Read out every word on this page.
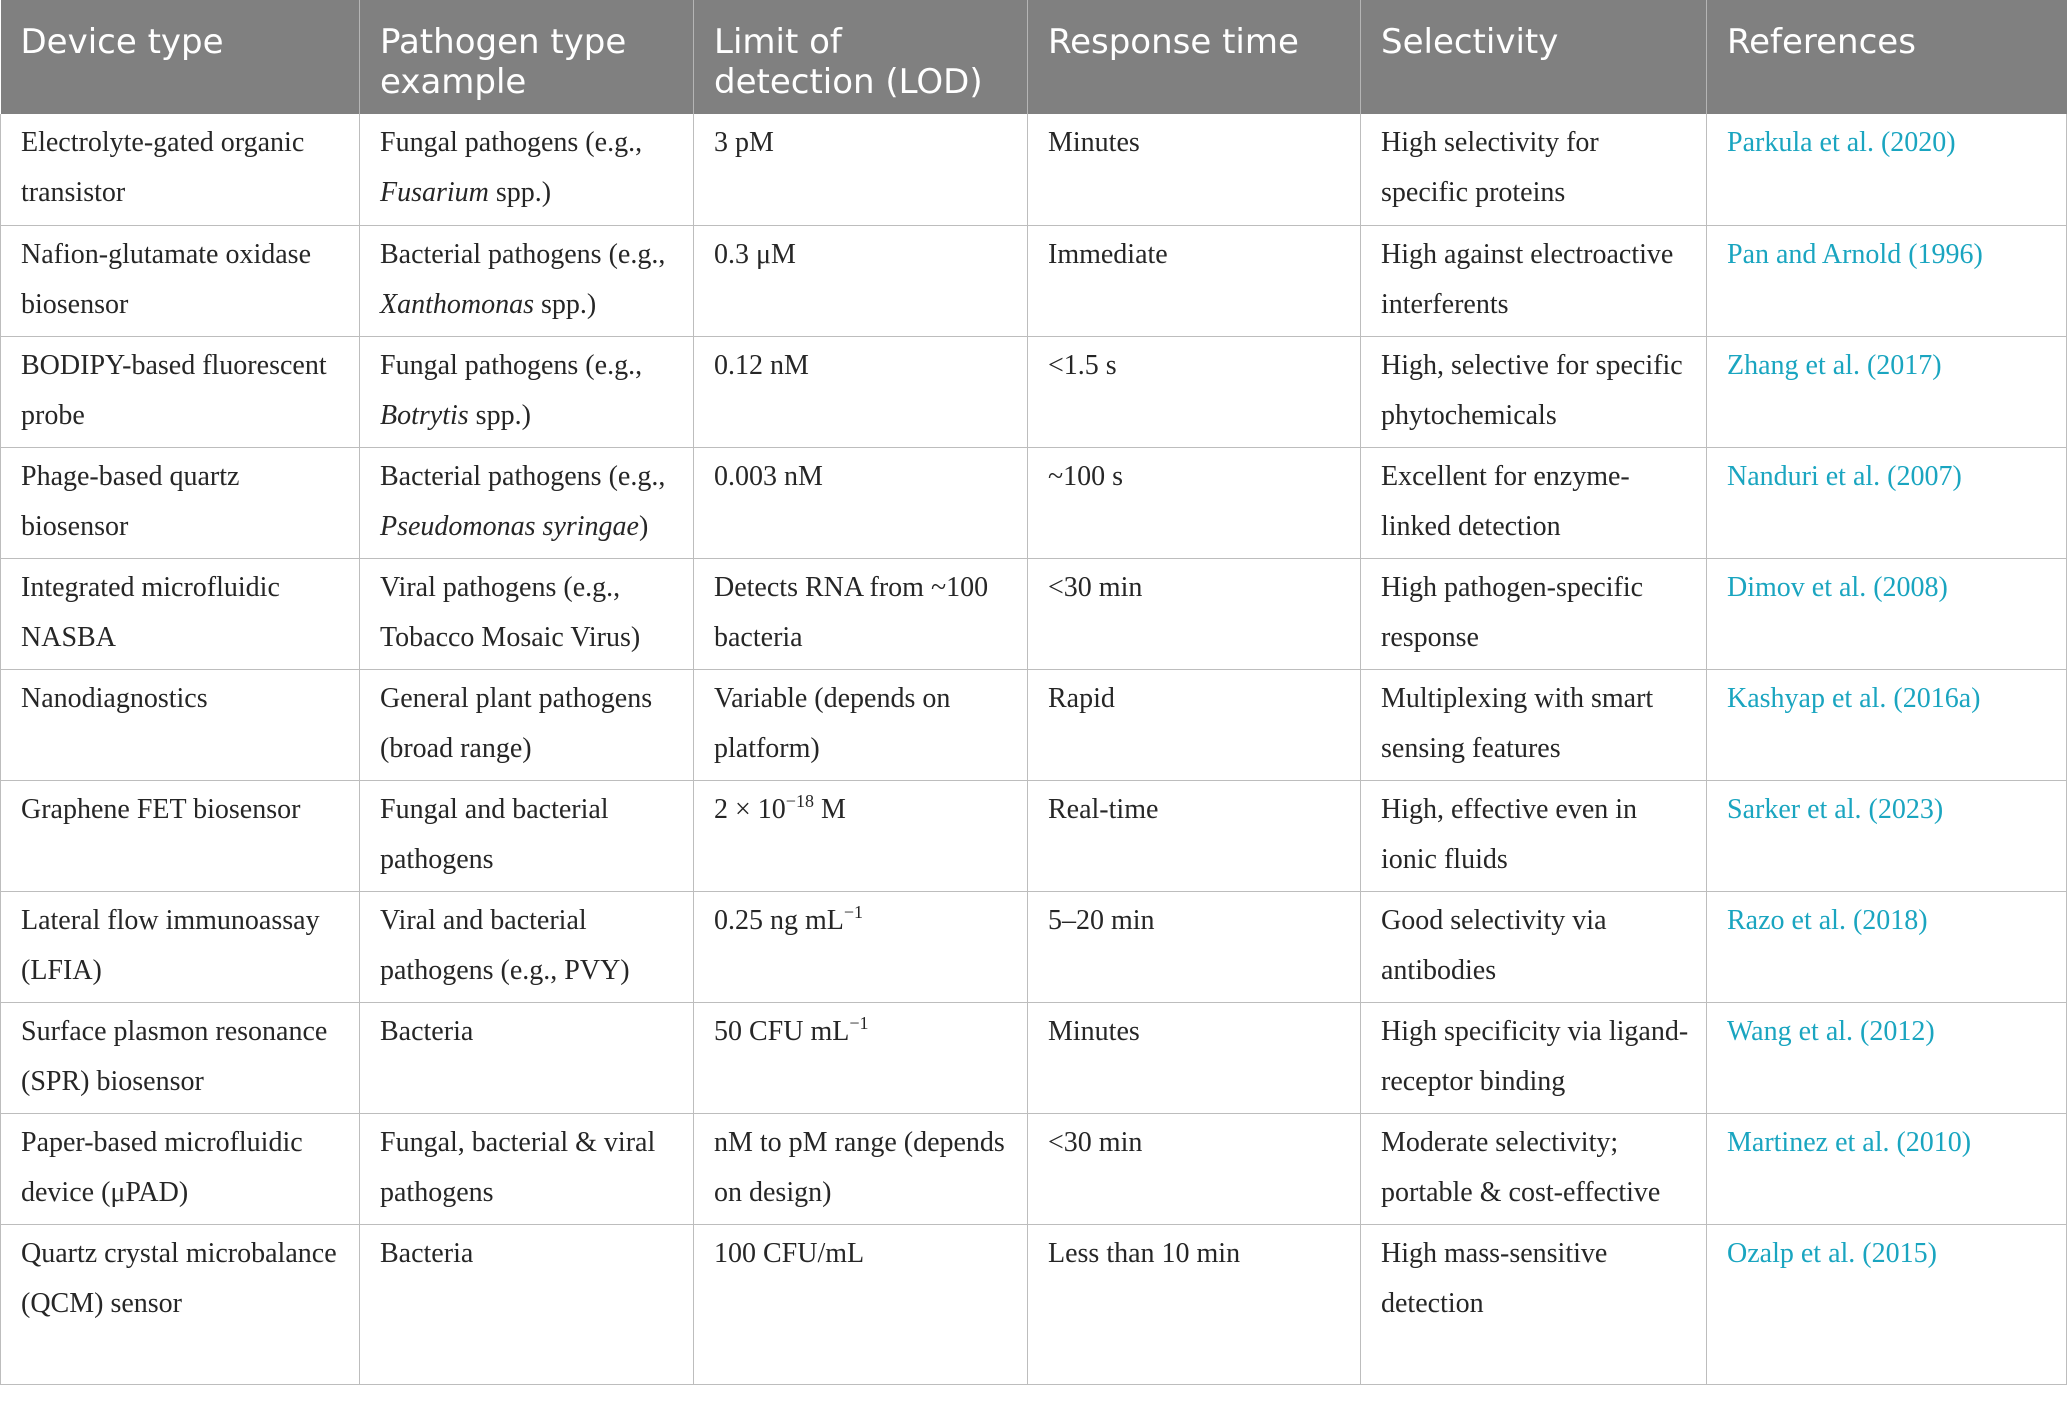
Device type	Pathogen type example	Limit of detection (LOD)	Response time	Selectivity	References
Electrolyte-gated organic transistor	Fungal pathogens (e.g., Fusarium spp.)	3 pM	Minutes	High selectivity for specific proteins	Parkula et al. (2020)
Nafion-glutamate oxidase biosensor	Bacterial pathogens (e.g., Xanthomonas spp.)	0.3 μM	Immediate	High against electroactive interferents	Pan and Arnold (1996)
BODIPY-based fluorescent probe	Fungal pathogens (e.g., Botrytis spp.)	0.12 nM	<1.5 s	High, selective for specific phytochemicals	Zhang et al. (2017)
Phage-based quartz biosensor	Bacterial pathogens (e.g., Pseudomonas syringae)	0.003 nM	~100 s	Excellent for enzyme-linked detection	Nanduri et al. (2007)
Integrated microfluidic NASBA	Viral pathogens (e.g., Tobacco Mosaic Virus)	Detects RNA from ~100 bacteria	<30 min	High pathogen-specific response	Dimov et al. (2008)
Nanodiagnostics	General plant pathogens (broad range)	Variable (depends on platform)	Rapid	Multiplexing with smart sensing features	Kashyap et al. (2016a)
Graphene FET biosensor	Fungal and bacterial pathogens	$2 \times 10^{-18}$ M	Real-time	High, effective even in ionic fluids	Sarker et al. (2023)
Lateral flow immunoassay (LFIA)	Viral and bacterial pathogens (e.g., PVY)	0.25 ng $mL^{-1}$	5–20 min	Good selectivity via antibodies	Razo et al. (2018)
Surface plasmon resonance (SPR) biosensor	Bacteria	50 CFU $mL^{-1}$	Minutes	High specificity via ligand-receptor binding	Wang et al. (2012)
Paper-based microfluidic device (μPAD)	Fungal, bacterial & viral pathogens	nM to pM range (depends on design)	<30 min	Moderate selectivity; portable & cost-effective	Martinez et al. (2010)
Quartz crystal microbalance (QCM) sensor	Bacteria	100 CFU/mL	Less than 10 min	High mass-sensitive detection	Ozalp et al. (2015)
